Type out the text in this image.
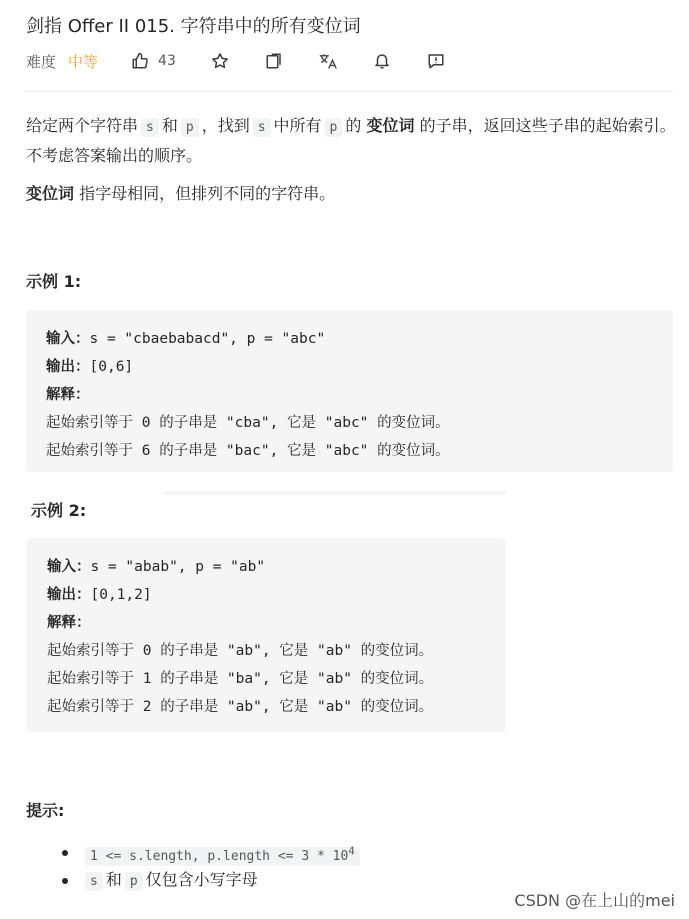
剑指 Offer II 015. 字符串中的所有变位词
难度 中等	43
给定两个字符串 s 和 p ，找到 s 中所有 p 的 变位词 的子串，返回这些子串的起始索引。不考虑答案输出的顺序。
变位词 指字母相同，但排列不同的字符串。
示例 1:
输入：s = "cbaebabacd", p = "abc"
输出：[0,6]
解释：
起始索引等于 0 的子串是 "cba", 它是 "abc" 的变位词。
起始索引等于 6 的子串是 "bac", 它是 "abc" 的变位词。
示例 2:
输入：s = "abab", p = "ab"
输出：[0,1,2]
解释：
起始索引等于 0 的子串是 "ab", 它是 "ab" 的变位词。
起始索引等于 1 的子串是 "ba", 它是 "ab" 的变位词。
起始索引等于 2 的子串是 "ab", 它是 "ab" 的变位词。
提示:
1 <= s.length, p.length <= $3 * 10^4$
s 和 p 仅包含小写字母
CSDN @在上山的mei
